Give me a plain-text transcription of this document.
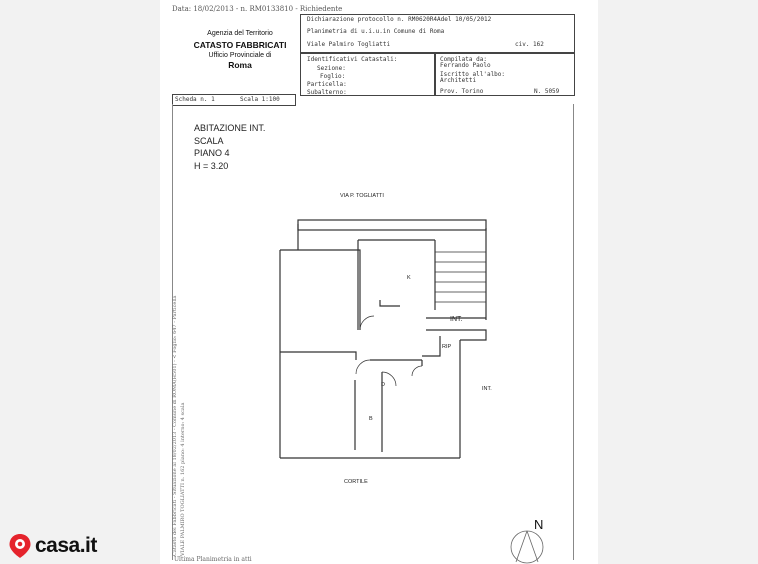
Data: 18/02/2013 - n. RM0133810 - Richiedente
Agenzia del Territorio
CATASTO FABBRICATI
Ufficio Provinciale di
Roma
Dichiarazione protocollo n. RM0620R4Adel 10/05/2012
Planimetria di u.i.u.in Comune di Roma
Viale Palmiro Togliatti	civ. 162
Identificativi Catastali:
Sezione:
Foglio:
Particella:
Subalterno:
Compilata da:
Ferrando Paolo
Iscritto all'albo:
Architetti
Prov. Torino	N. 5059
Scheda n. 1	Scala 1:100
ABITAZIONE INT.
SCALA
PIANO 4
H = 3.20
VIA P. TOGLIATTI
K
INT.
RIP
INT.
B
D
CORTILE
Catasto dei Fabbricati - Situazione al 18/02/2013 - Comune di ROMA(H501) - < Foglio: 647 - Particella VIALE PALMIRO TOGLIATTI n. 162 piano: 4 interno: 4 scala	N
Ultima Planimetria in atti
casa.it
